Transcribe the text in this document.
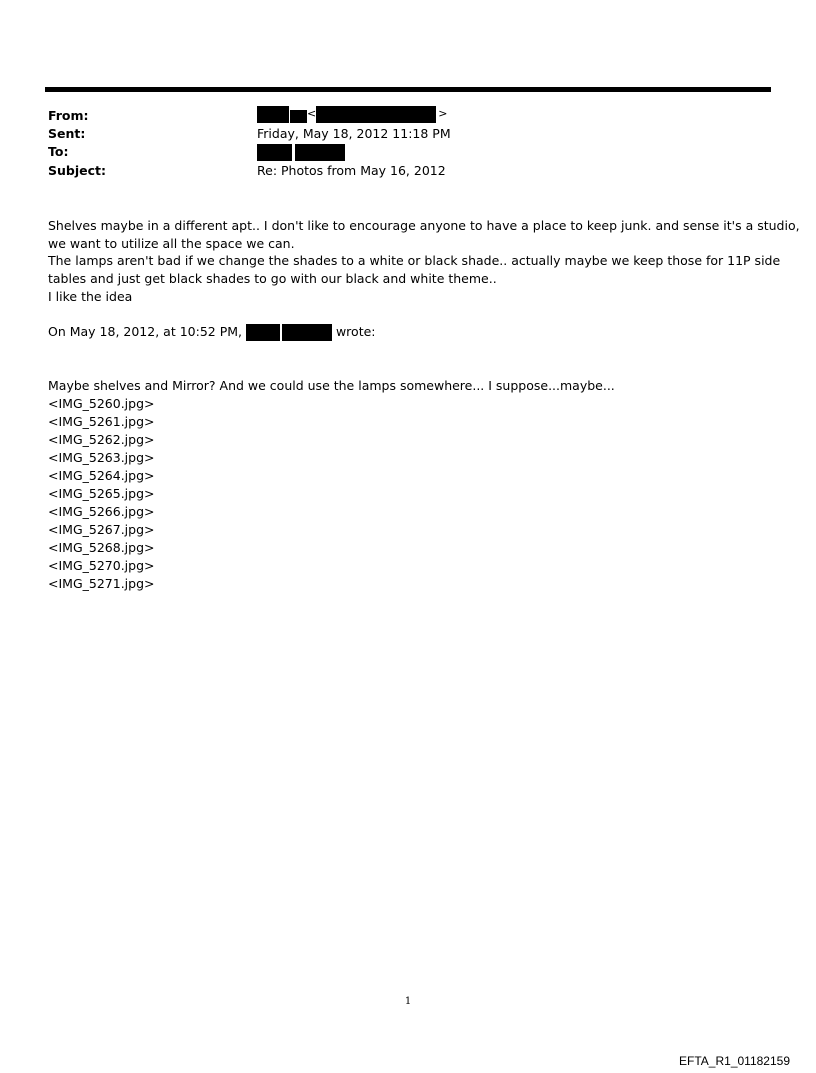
From:
Sent:
To:
Subject:
<	>
Friday, May 18, 2012 11:18 PM
Re: Photos from May 16, 2012
Shelves maybe in a different apt.. I don't like to encourage anyone to have a place to keep junk. and sense it's a studio,
we want to utilize all the space we can.
The lamps aren't bad if we change the shades to a white or black shade.. actually maybe we keep those for 11P side
tables and just get black shades to go with our black and white theme..
I like the idea
On May 18, 2012, at 10:52 PM,	wrote:
Maybe shelves and Mirror? And we could use the lamps somewhere... I suppose...maybe...
<IMG_5260.jpg>
<IMG_5261.jpg>
<IMG_5262.jpg>
<IMG_5263.jpg>
<IMG_5264.jpg>
<IMG_5265.jpg>
<IMG_5266.jpg>
<IMG_5267.jpg>
<IMG_5268.jpg>
<IMG_5270.jpg>
<IMG_5271.jpg>
1
EFTA_R1_01182159
